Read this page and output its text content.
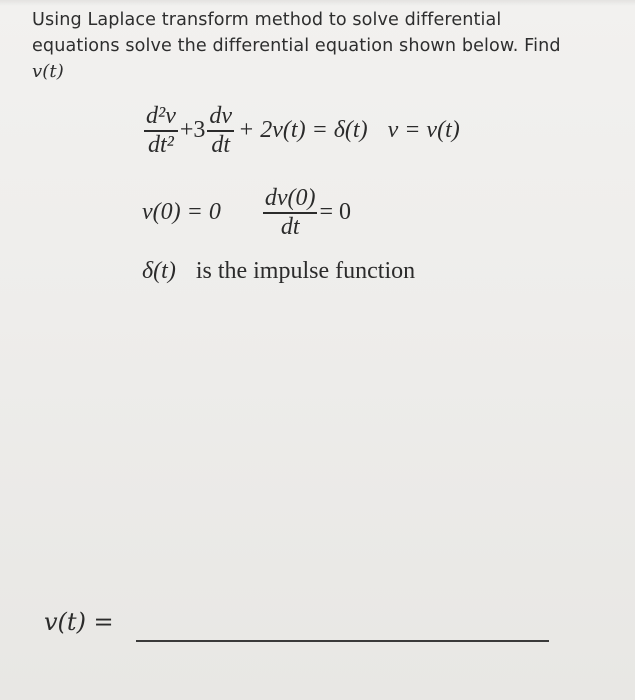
Using Laplace transform method to solve differential
equations solve the differential equation shown below. Find
v(t)
$\frac{\text{d²v}}{\text{dt²}} +3 \frac{dv}{dt} + 2v(t) = \delta(t) v = v(t)$
$v(0) = 0 \frac{dv(0)}{dt} = 0$
δ(t) is the impulse function
v(t) =
